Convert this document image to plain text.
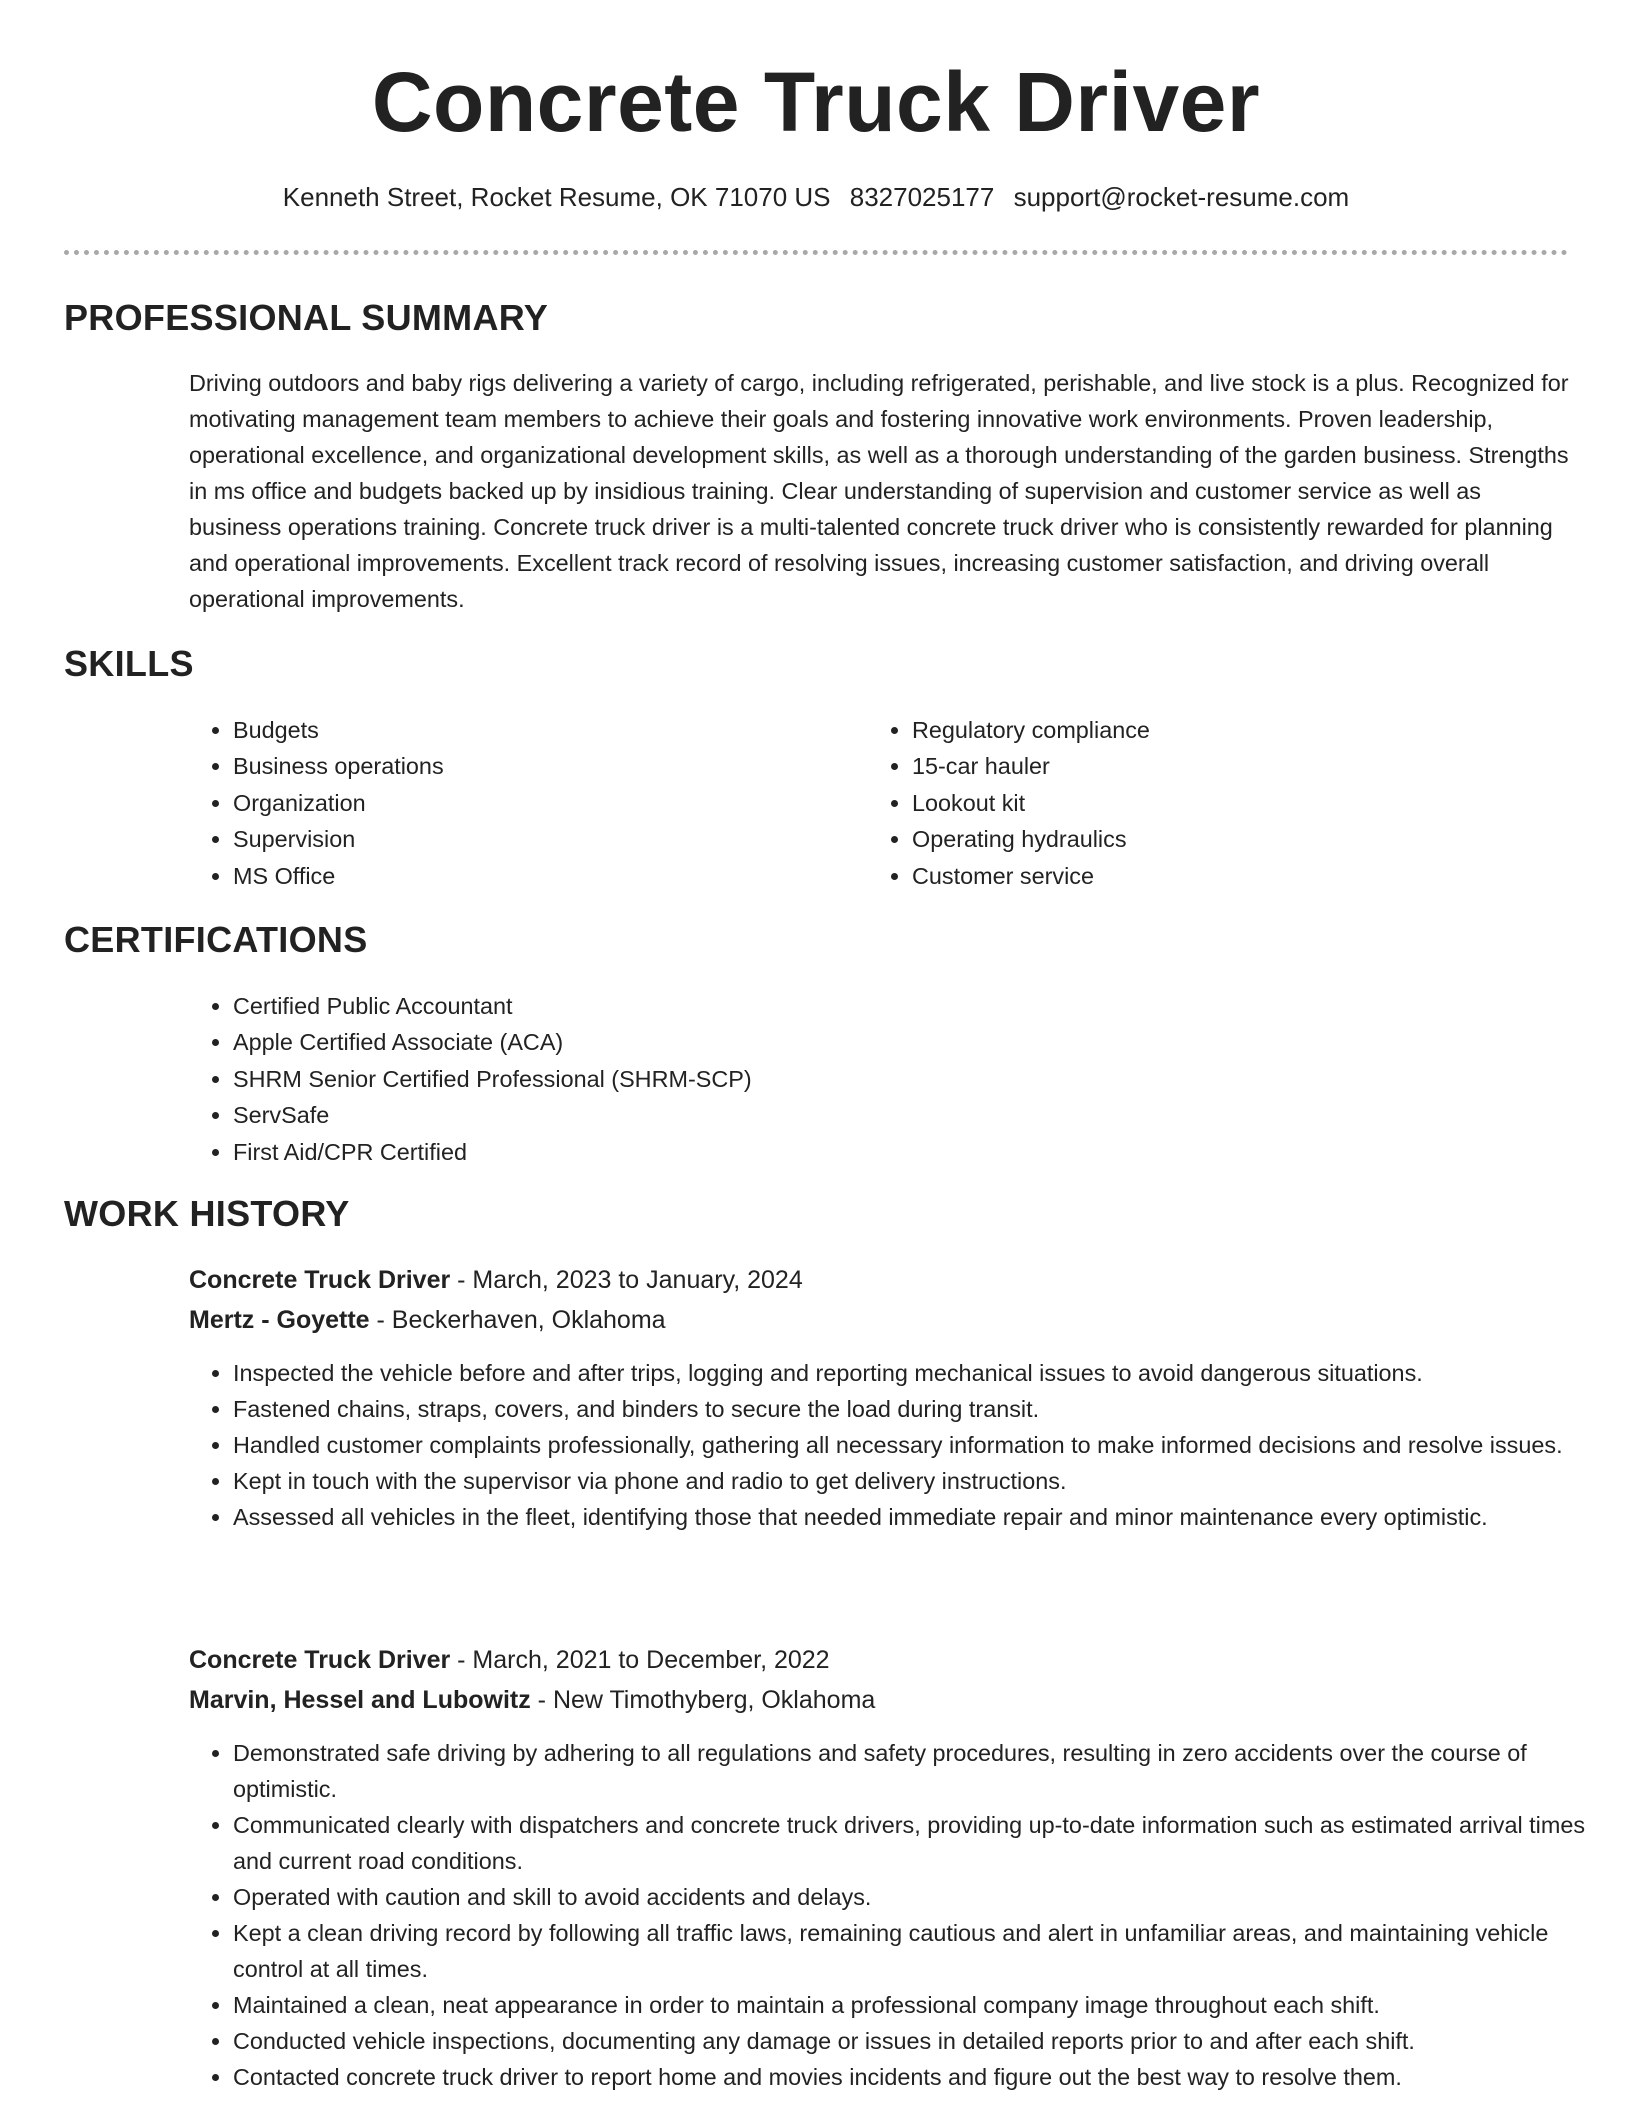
Concrete Truck Driver
Kenneth Street, Rocket Resume, OK 71070 US 8327025177 support@rocket-resume.com
PROFESSIONAL SUMMARY
Driving outdoors and baby rigs delivering a variety of cargo, including refrigerated, perishable, and live stock is a plus. Recognized for motivating management team members to achieve their goals and fostering innovative work environments. Proven leadership, operational excellence, and organizational development skills, as well as a thorough understanding of the garden business. Strengths in ms office and budgets backed up by insidious training. Clear understanding of supervision and customer service as well as business operations training. Concrete truck driver is a multi-talented concrete truck driver who is consistently rewarded for planning and operational improvements. Excellent track record of resolving issues, increasing customer satisfaction, and driving overall operational improvements.
SKILLS
• Budgets
• Business operations
• Organization
• Supervision
• MS Office
• Regulatory compliance
• 15-car hauler
• Lookout kit
• Operating hydraulics
• Customer service
CERTIFICATIONS
• Certified Public Accountant
• Apple Certified Associate (ACA)
• SHRM Senior Certified Professional (SHRM-SCP)
• ServSafe
• First Aid/CPR Certified
WORK HISTORY
Concrete Truck Driver - March, 2023 to January, 2024
Mertz - Goyette - Beckerhaven, Oklahoma
• Inspected the vehicle before and after trips, logging and reporting mechanical issues to avoid dangerous situations.
• Fastened chains, straps, covers, and binders to secure the load during transit.
• Handled customer complaints professionally, gathering all necessary information to make informed decisions and resolve issues.
• Kept in touch with the supervisor via phone and radio to get delivery instructions.
• Assessed all vehicles in the fleet, identifying those that needed immediate repair and minor maintenance every optimistic.
Concrete Truck Driver - March, 2021 to December, 2022
Marvin, Hessel and Lubowitz - New Timothyberg, Oklahoma
• Demonstrated safe driving by adhering to all regulations and safety procedures, resulting in zero accidents over the course of optimistic.
• Communicated clearly with dispatchers and concrete truck drivers, providing up-to-date information such as estimated arrival times and current road conditions.
• Operated with caution and skill to avoid accidents and delays.
• Kept a clean driving record by following all traffic laws, remaining cautious and alert in unfamiliar areas, and maintaining vehicle control at all times.
• Maintained a clean, neat appearance in order to maintain a professional company image throughout each shift.
• Conducted vehicle inspections, documenting any damage or issues in detailed reports prior to and after each shift.
• Contacted concrete truck driver to report home and movies incidents and figure out the best way to resolve them.
